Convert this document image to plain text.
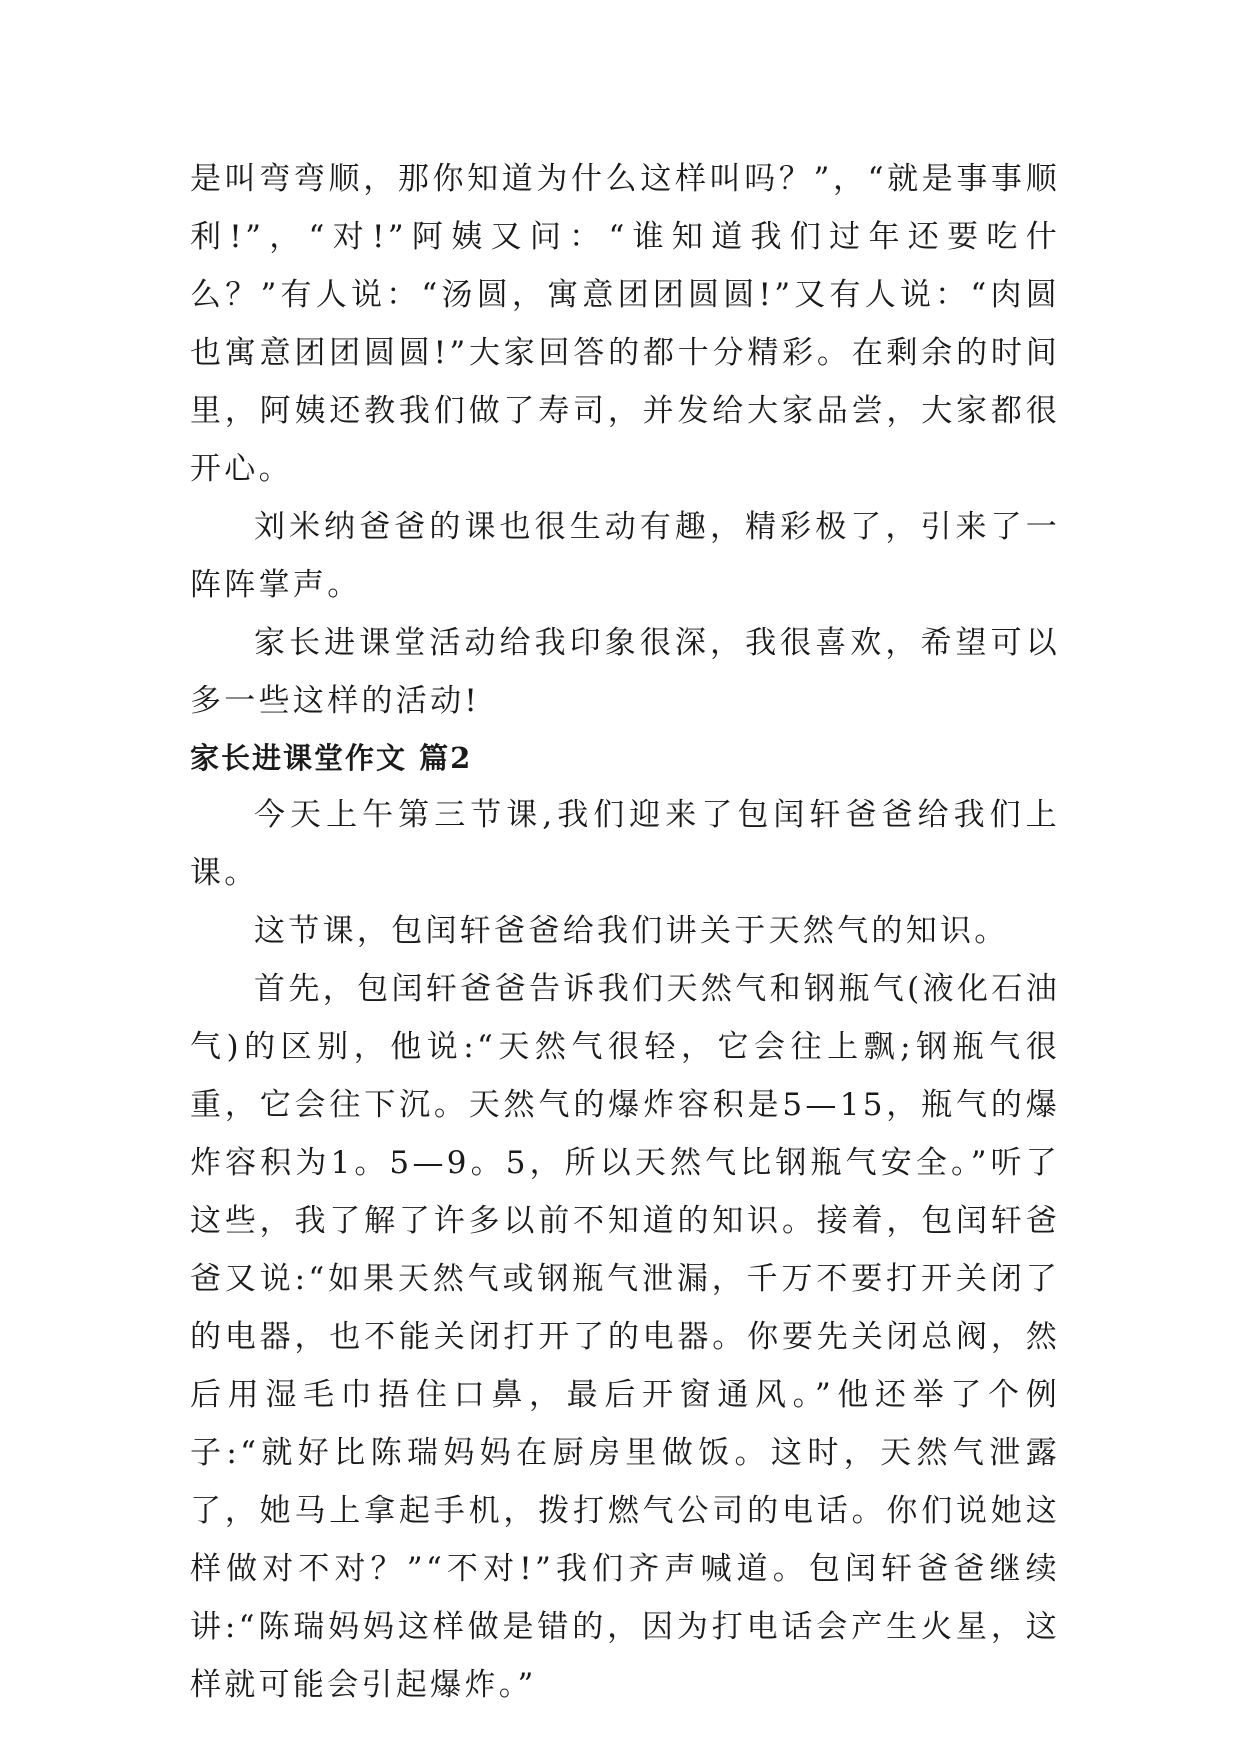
是叫弯弯顺，那你知道为什么这样叫吗？”，“就是事事顺利!”，“对!”阿姨又问：“谁知道我们过年还要吃什么？”有人说：“汤圆，寓意团团圆圆!”又有人说：“肉圆也寓意团团圆圆!”大家回答的都十分精彩。在剩余的时间里，阿姨还教我们做了寿司，并发给大家品尝，大家都很开心。

刘米纳爸爸的课也很生动有趣，精彩极了，引来了一阵阵掌声。

家长进课堂活动给我印象很深，我很喜欢，希望可以多一些这样的活动!

家长进课堂作文 篇2

今天上午第三节课,我们迎来了包闰轩爸爸给我们上课。

这节课，包闰轩爸爸给我们讲关于天然气的知识。

首先，包闰轩爸爸告诉我们天然气和钢瓶气(液化石油气)的区别，他说:“天然气很轻，它会往上飘;钢瓶气很重，它会往下沉。天然气的爆炸容积是5—15，瓶气的爆炸容积为1。5—9。5，所以天然气比钢瓶气安全。”听了这些，我了解了许多以前不知道的知识。接着，包闰轩爸爸又说:“如果天然气或钢瓶气泄漏，千万不要打开关闭了的电器，也不能关闭打开了的电器。你要先关闭总阀，然后用湿毛巾捂住口鼻，最后开窗通风。”他还举了个例子:“就好比陈瑞妈妈在厨房里做饭。这时，天然气泄露了，她马上拿起手机，拨打燃气公司的电话。你们说她这样做对不对？”“不对!”我们齐声喊道。包闰轩爸爸继续讲:“陈瑞妈妈这样做是错的，因为打电话会产生火星，这样就可能会引起爆炸。”
